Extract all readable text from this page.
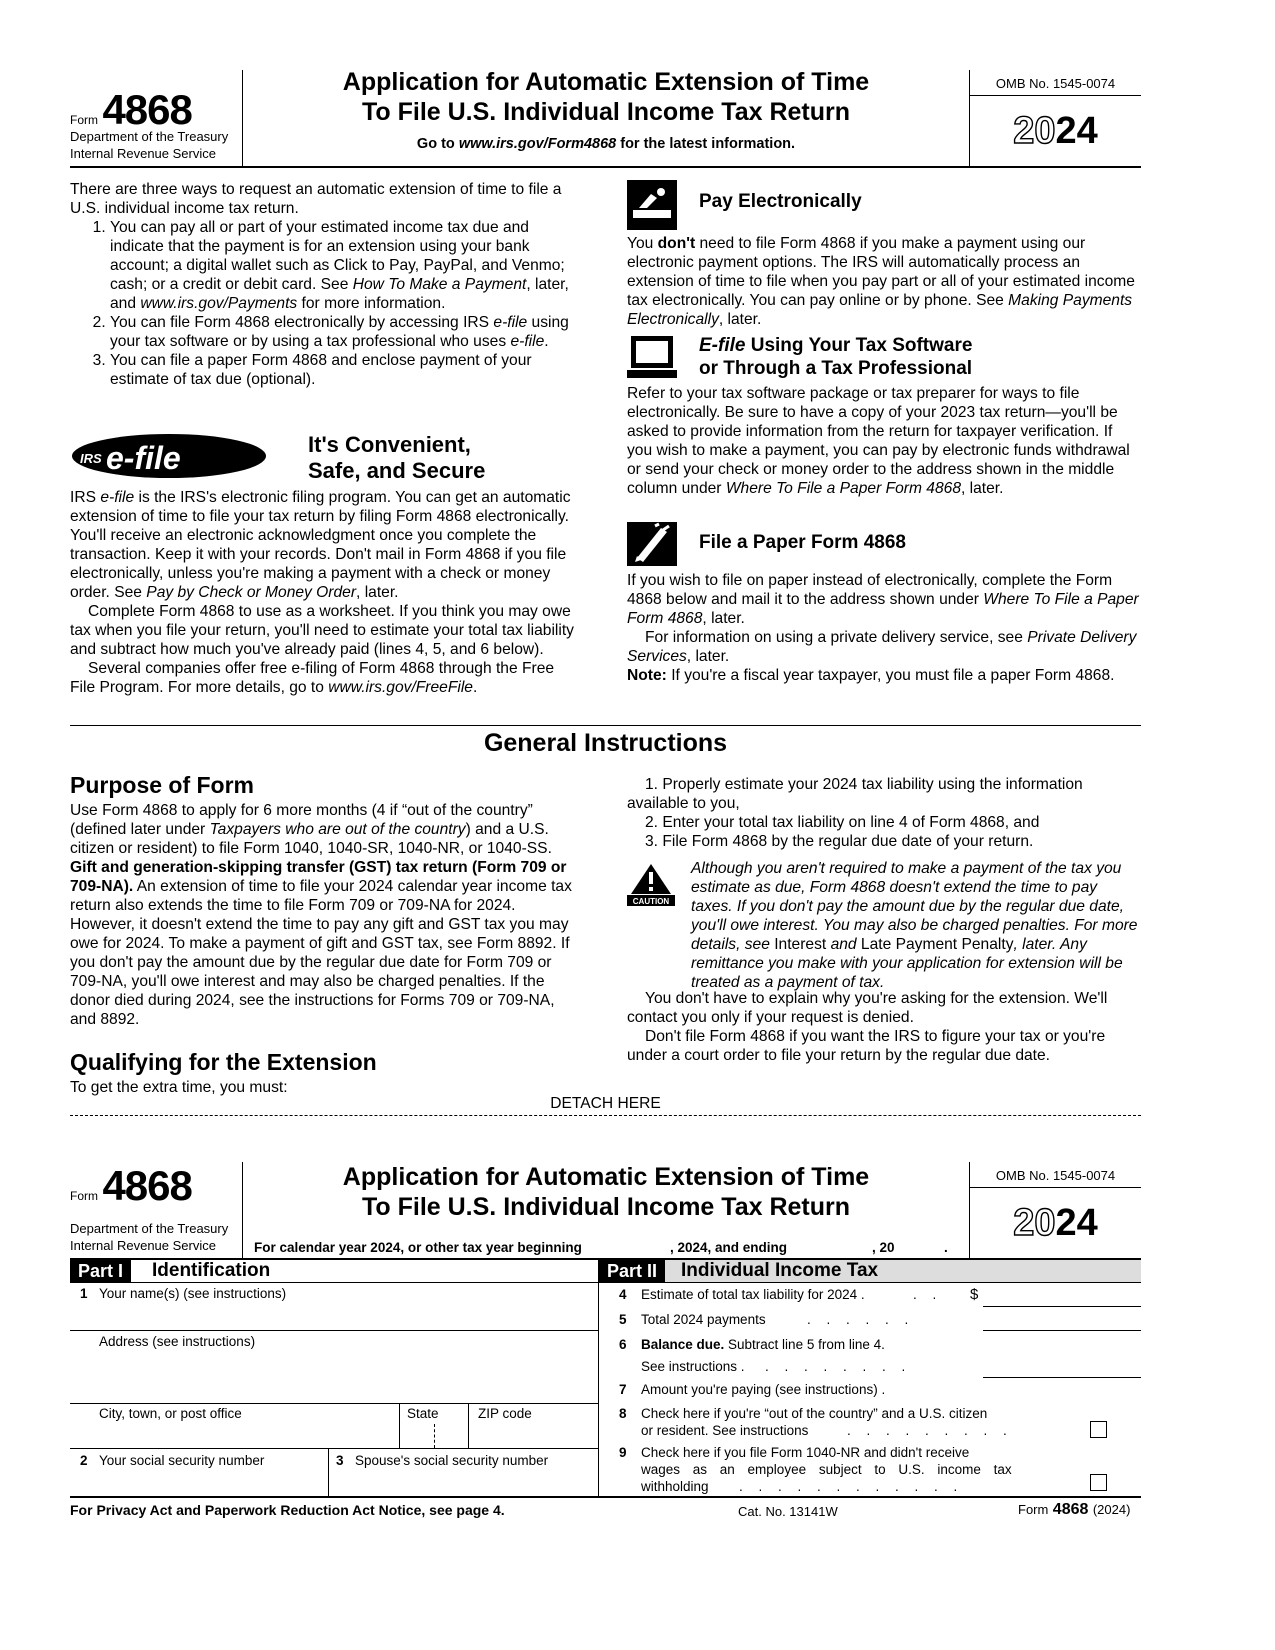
Form 4868
Department of the Treasury
Internal Revenue Service
Application for Automatic Extension of Time
To File U.S. Individual Income Tax Return
Go to www.irs.gov/Form4868 for the latest information.
OMB No. 1545-0074
2024

There are three ways to request an automatic extension of time to file a U.S. individual income tax return.

1. You can pay all or part of your estimated income tax due and indicate that the payment is for an extension using your bank account; a digital wallet such as Click to Pay, PayPal, and Venmo; cash; or a credit or debit card. See How To Make a Payment, later, and www.irs.gov/Payments for more information.
2. You can file Form 4868 electronically by accessing IRS e-file using your tax software or by using a tax professional who uses e-file.
3. You can file a paper Form 4868 and enclose payment of your estimate of tax due (optional).
IRS e-file	It's Convenient,
Safe, and Secure

IRS e-file is the IRS's electronic filing program. You can get an automatic extension of time to file your tax return by filing Form 4868 electronically. You'll receive an electronic acknowledgment once you complete the transaction. Keep it with your records. Don't mail in Form 4868 if you file electronically, unless you're making a payment with a check or money order. See Pay by Check or Money Order, later.

Complete Form 4868 to use as a worksheet. If you think you may owe tax when you file your return, you'll need to estimate your total tax liability and subtract how much you've already paid (lines 4, 5, and 6 below).

Several companies offer free e-filing of Form 4868 through the Free File Program. For more details, go to www.irs.gov/FreeFile.

Pay Electronically
You don't need to file Form 4868 if you make a payment using our electronic payment options. The IRS will automatically process an extension of time to file when you pay part or all of your estimated income tax electronically. You can pay online or by phone. See Making Payments Electronically, later.
E-file Using Your Tax Software
or Through a Tax Professional
Refer to your tax software package or tax preparer for ways to file electronically. Be sure to have a copy of your 2023 tax return—you'll be asked to provide information from the return for taxpayer verification. If you wish to make a payment, you can pay by electronic funds withdrawal or send your check or money order to the address shown in the middle column under Where To File a Paper Form 4868, later.
File a Paper Form 4868

If you wish to file on paper instead of electronically, complete the Form 4868 below and mail it to the address shown under Where To File a Paper Form 4868, later.

For information on using a private delivery service, see Private Delivery Services, later.

Note: If you're a fiscal year taxpayer, you must file a paper Form 4868.

General Instructions
Purpose of Form

Use Form 4868 to apply for 6 more months (4 if “out of the country” (defined later under Taxpayers who are out of the country) and a U.S. citizen or resident) to file Form 1040, 1040-SR, 1040-NR, or 1040-SS.

Gift and generation-skipping transfer (GST) tax return (Form 709 or 709-NA). An extension of time to file your 2024 calendar year income tax return also extends the time to file Form 709 or 709-NA for 2024. However, it doesn't extend the time to pay any gift and GST tax you may owe for 2024. To make a payment of gift and GST tax, see Form 8892. If you don't pay the amount due by the regular due date for Form 709 or 709-NA, you'll owe interest and may also be charged penalties. If the donor died during 2024, see the instructions for Forms 709 or 709-NA, and 8892.

Qualifying for the Extension
To get the extra time, you must:

1. Properly estimate your 2024 tax liability using the information available to you,

2. Enter your total tax liability on line 4 of Form 4868, and

3. File Form 4868 by the regular due date of your return.

CAUTION

Although you aren't required to make a payment of the tax you estimate as due, Form 4868 doesn't extend the time to pay taxes. If you don't pay the amount due by the regular due date, you'll owe interest. You may also be charged penalties. For more details, see Interest and Late Payment Penalty, later. Any remittance you make with your application for extension will be treated as a payment of tax.

You don't have to explain why you're asking for the extension. We'll contact you only if your request is denied.

Don't file Form 4868 if you want the IRS to figure your tax or you're under a court order to file your return by the regular due date.

DETACH HERE
Form 4868
Department of the Treasury
Internal Revenue Service
Application for Automatic Extension of Time
To File U.S. Individual Income Tax Return
For calendar year 2024, or other tax year beginning	, 2024, and ending	, 20	.
OMB No. 1545-0074
2024
Part I	Identification	Part II	Individual Income Tax
1 Your name(s) (see instructions)
Address (see instructions)
City, town, or post office	State	ZIP code
2 Your social security number	3 Spouse's social security number
4 Estimate of total tax liability for 2024 .	. . $
5 Total 2024 payments	. . . . . .
6 Balance due. Subtract line 5 from line 4.
See instructions . . . . . . . . .
7 Amount you're paying (see instructions) .
8 Check here if you're “out of the country” and a U.S. citizen
or resident. See instructions	. . . . . . . . .
9 Check here if you file Form 1040-NR and didn't receive
wages as an employee subject to U.S. income tax
withholding . . . . . . . . . . . .
For Privacy Act and Paperwork Reduction Act Notice, see page 4.	Cat. No. 13141W	Form 4868 (2024)
